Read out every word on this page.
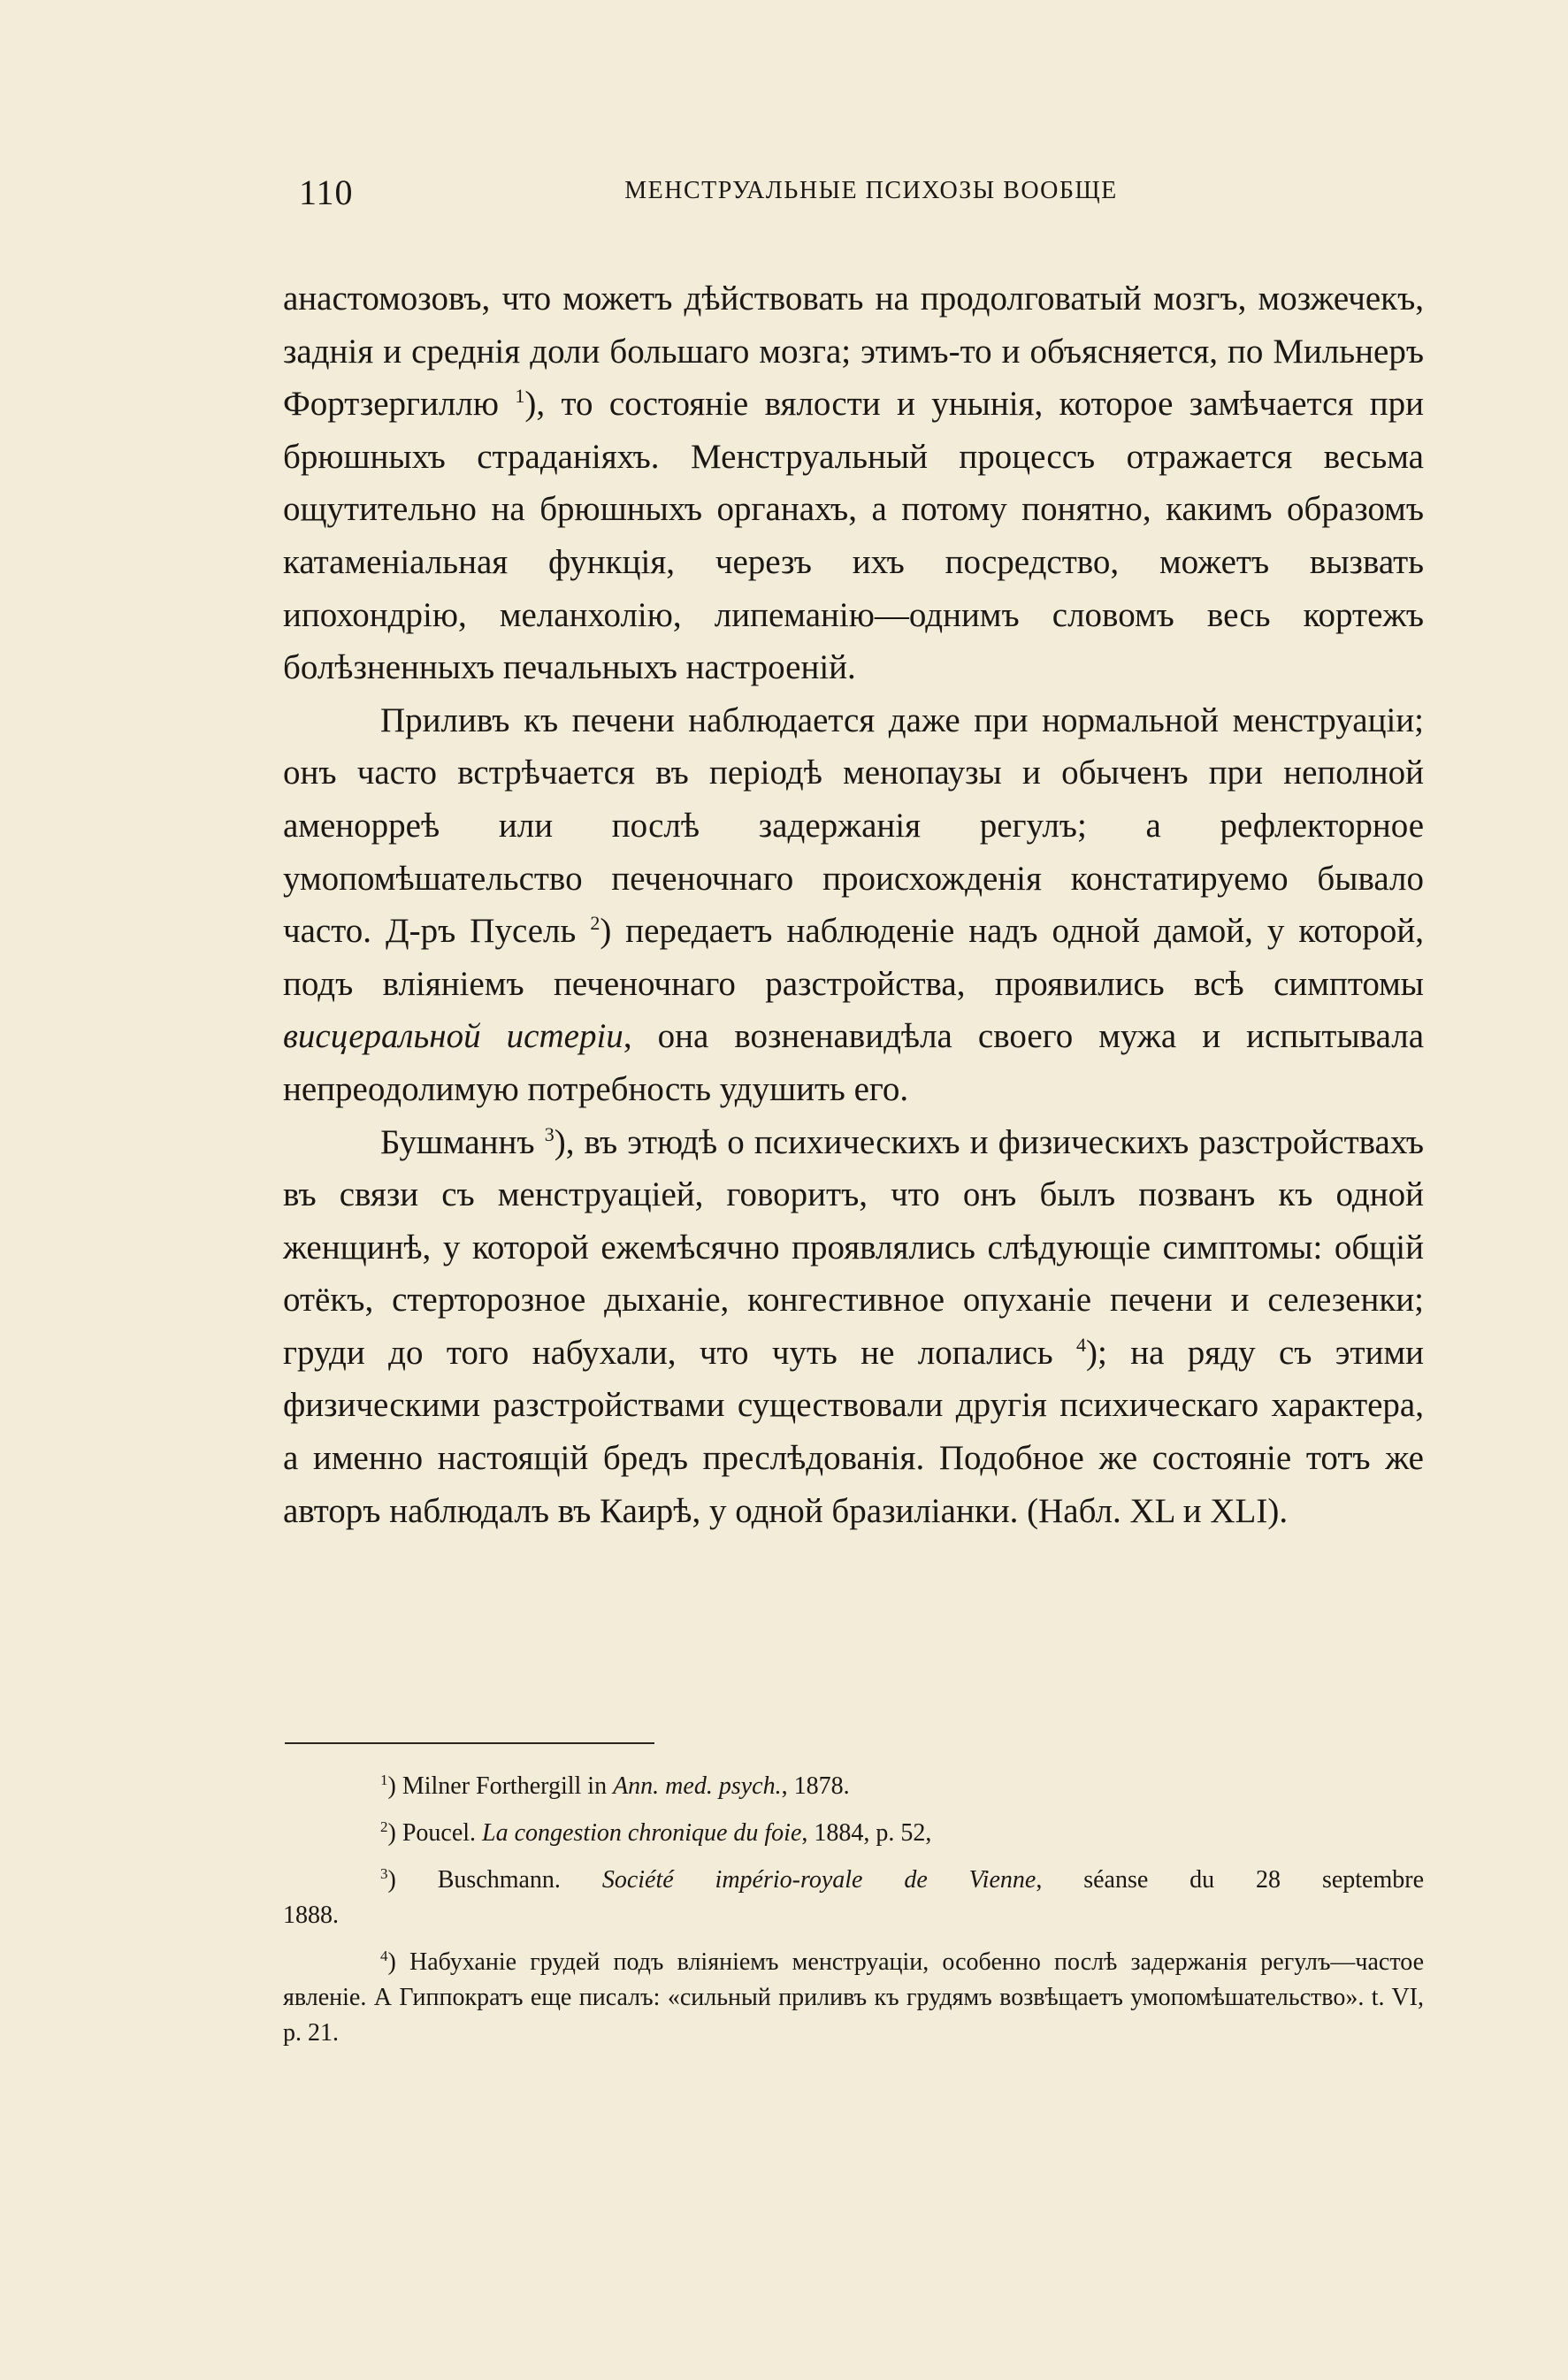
110	МЕНСТРУАЛЬНЫЕ ПСИХОЗЫ ВООБЩЕ

анастомозовъ, что можетъ дѣйствовать на продолговатый мозгъ, мозжечекъ, заднія и среднія доли большаго мозга; этимъ-то и объясняется, по Мильнеръ Фортзергиллю $^1$), то состояніе вялости и унынія, которое замѣчается при брюшныхъ страданіяхъ. Менструальный процессъ отражается весьма ощутительно на брюшныхъ органахъ, а потому понятно, какимъ образомъ катаменіальная функція, черезъ ихъ посредство, можетъ вызвать ипохондрію, меланхолію, липеманію—однимъ словомъ весь кортежъ болѣзненныхъ печальныхъ настроеній.

Приливъ къ печени наблюдается даже при нормальной менструаціи; онъ часто встрѣчается въ періодѣ менопаузы и обыченъ при неполной аменорреѣ или послѣ задержанія регулъ; а рефлекторное умопомѣшательство печеночнаго происхожденія констатируемо бывало часто. Д-ръ Пусель $^2$) передаетъ наблюденіе надъ одной дамой, у которой, подъ вліяніемъ печеночнаго разстройства, проявились всѣ симптомы висцеральной истеріи, она возненавидѣла своего мужа и испытывала непреодолимую потребность удушить его.

Бушманнъ $^3$), въ этюдѣ о психическихъ и физическихъ разстройствахъ въ связи съ менструаціей, говоритъ, что онъ былъ позванъ къ одной женщинѣ, у которой ежемѣсячно проявлялись слѣдующіе симптомы: общій отёкъ, стерторозное дыханіе, конгестивное опуханіе печени и селезенки; груди до того набухали, что чуть не лопались $^4$); на ряду съ этими физическими разстройствами существовали другія психическаго характера, а именно настоящій бредъ преслѣдованія. Подобное же состояніе тотъ же авторъ наблюдалъ въ Каирѣ, у одной бразиліанки. (Набл. XL и XLI).

$^1$) Milner Forthergill in Ann. med. psych., 1878.

$^2$) Poucel. La congestion chronique du foie, 1884, p. 52,

$^3$) Buschmann. Société império-royale de Vienne, séanse du 28 septembre

1888.

$^4$) Набуханіе грудей подъ вліяніемъ менструаціи, особенно послѣ задержанія регулъ—частое явленіе. А Гиппократъ еще писалъ: «сильный приливъ къ грудямъ возвѣщаетъ умопомѣшательство». t. VI, p. 21.
